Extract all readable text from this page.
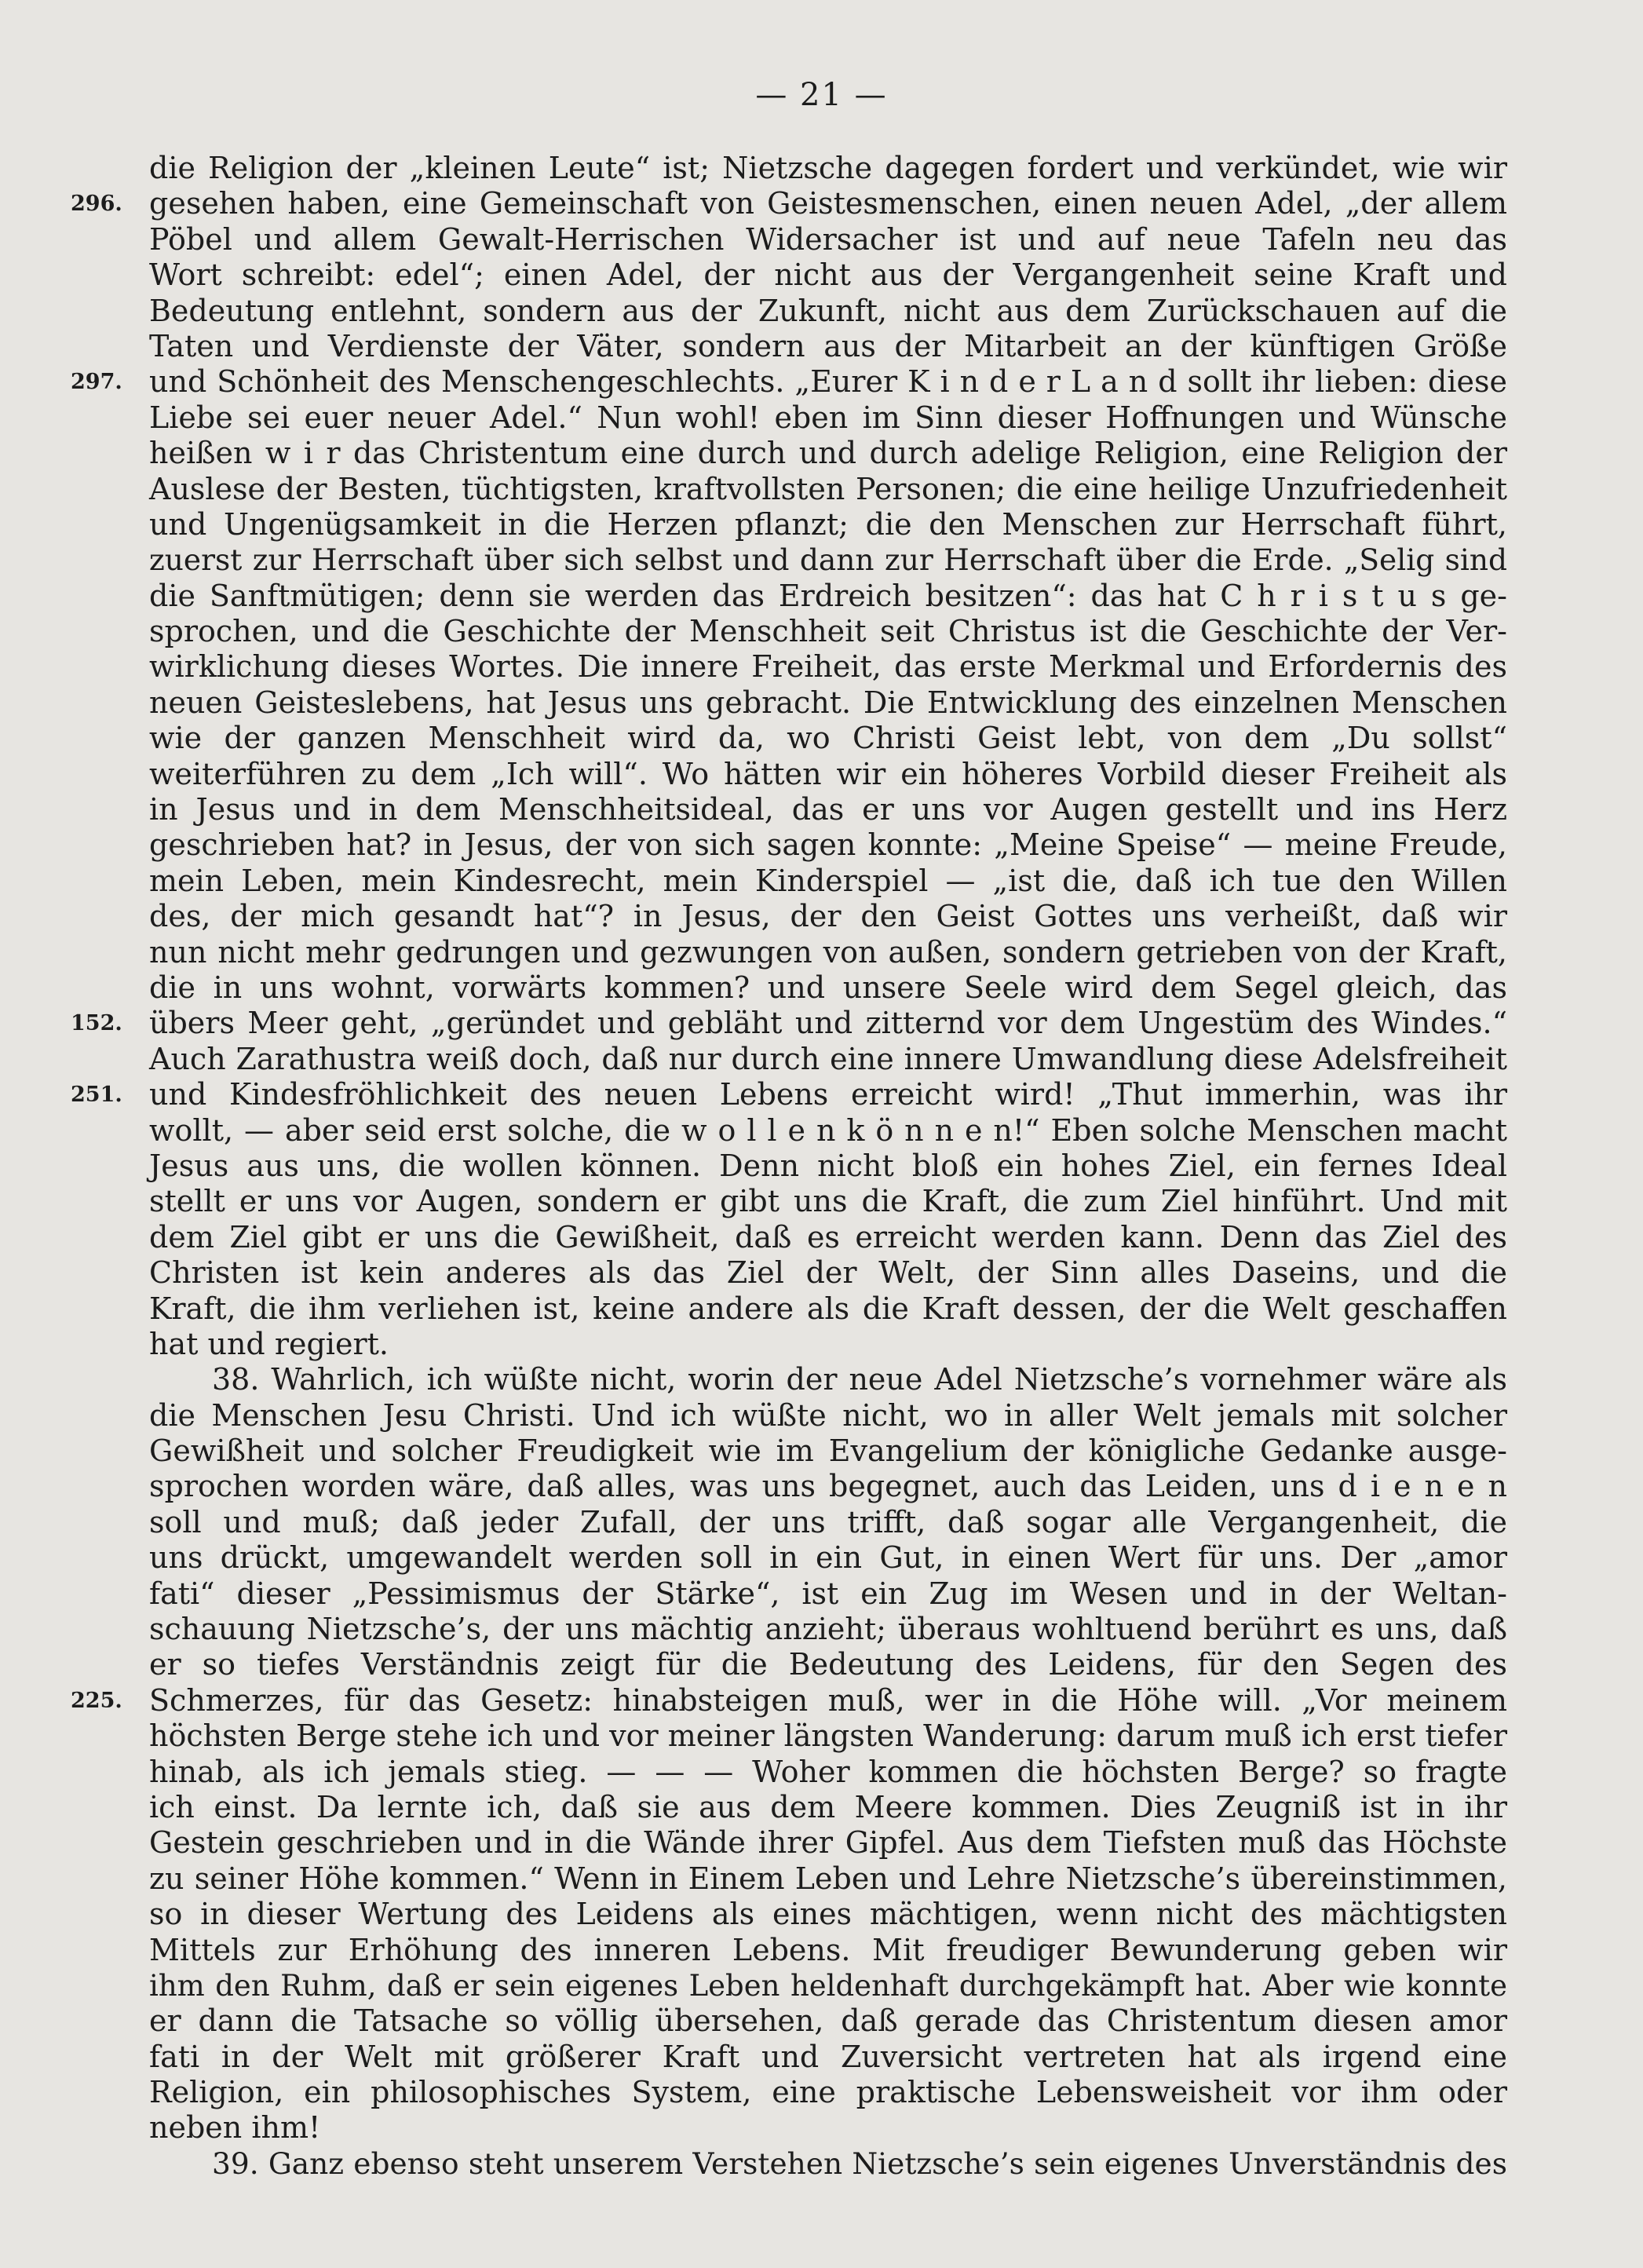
— 21 —
die Religion der „kleinen Leute“ ist; Nietzsche dagegen fordert und verkündet, wie wir
gesehen haben, eine Gemeinschaft von Geistesmenschen, einen neuen Adel, „der allem
296.
Pöbel und allem Gewalt-Herrischen Widersacher ist und auf neue Tafeln neu das
Wort schreibt: edel“; einen Adel, der nicht aus der Vergangenheit seine Kraft und
Bedeutung entlehnt, sondern aus der Zukunft, nicht aus dem Zurückschauen auf die
Taten und Verdienste der Väter, sondern aus der Mitarbeit an der künftigen Größe
und Schönheit des Menschengeschlechts. „Eurer K i n d e r L a n d sollt ihr lieben: diese
297.
Liebe sei euer neuer Adel.“ Nun wohl! eben im Sinn dieser Hoffnungen und Wünsche
heißen w i r das Christentum eine durch und durch adelige Religion, eine Religion der
Auslese der Besten, tüchtigsten, kraftvollsten Personen; die eine heilige Unzufriedenheit
und Ungenügsamkeit in die Herzen pflanzt; die den Menschen zur Herrschaft führt,
zuerst zur Herrschaft über sich selbst und dann zur Herrschaft über die Erde. „Selig sind
die Sanftmütigen; denn sie werden das Erdreich besitzen“: das hat C h r i s t u s ge-
sprochen, und die Geschichte der Menschheit seit Christus ist die Geschichte der Ver-
wirklichung dieses Wortes. Die innere Freiheit, das erste Merkmal und Erfordernis des
neuen Geisteslebens, hat Jesus uns gebracht. Die Entwicklung des einzelnen Menschen
wie der ganzen Menschheit wird da, wo Christi Geist lebt, von dem „Du sollst“
weiterführen zu dem „Ich will“. Wo hätten wir ein höheres Vorbild dieser Freiheit als
in Jesus und in dem Menschheitsideal, das er uns vor Augen gestellt und ins Herz
geschrieben hat? in Jesus, der von sich sagen konnte: „Meine Speise“ — meine Freude,
mein Leben, mein Kindesrecht, mein Kinderspiel — „ist die, daß ich tue den Willen
des, der mich gesandt hat“? in Jesus, der den Geist Gottes uns verheißt, daß wir
nun nicht mehr gedrungen und gezwungen von außen, sondern getrieben von der Kraft,
die in uns wohnt, vorwärts kommen? und unsere Seele wird dem Segel gleich, das
übers Meer geht, „geründet und gebläht und zitternd vor dem Ungestüm des Windes.“
152.
Auch Zarathustra weiß doch, daß nur durch eine innere Umwandlung diese Adelsfreiheit
und Kindesfröhlichkeit des neuen Lebens erreicht wird! „Thut immerhin, was ihr
251.
wollt, — aber seid erst solche, die w o l l e n k ö n n e n!“ Eben solche Menschen macht
Jesus aus uns, die wollen können. Denn nicht bloß ein hohes Ziel, ein fernes Ideal
stellt er uns vor Augen, sondern er gibt uns die Kraft, die zum Ziel hinführt. Und mit
dem Ziel gibt er uns die Gewißheit, daß es erreicht werden kann. Denn das Ziel des
Christen ist kein anderes als das Ziel der Welt, der Sinn alles Daseins, und die
Kraft, die ihm verliehen ist, keine andere als die Kraft dessen, der die Welt geschaffen
hat und regiert.
38. Wahrlich, ich wüßte nicht, worin der neue Adel Nietzsche’s vornehmer wäre als
die Menschen Jesu Christi. Und ich wüßte nicht, wo in aller Welt jemals mit solcher
Gewißheit und solcher Freudigkeit wie im Evangelium der königliche Gedanke ausge-
sprochen worden wäre, daß alles, was uns begegnet, auch das Leiden, uns d i e n e n
soll und muß; daß jeder Zufall, der uns trifft, daß sogar alle Vergangenheit, die
uns drückt, umgewandelt werden soll in ein Gut, in einen Wert für uns. Der „amor
fati“ dieser „Pessimismus der Stärke“, ist ein Zug im Wesen und in der Weltan-
schauung Nietzsche’s, der uns mächtig anzieht; überaus wohltuend berührt es uns, daß
er so tiefes Verständnis zeigt für die Bedeutung des Leidens, für den Segen des
Schmerzes, für das Gesetz: hinabsteigen muß, wer in die Höhe will. „Vor meinem
225.
höchsten Berge stehe ich und vor meiner längsten Wanderung: darum muß ich erst tiefer
hinab, als ich jemals stieg. — — — Woher kommen die höchsten Berge? so fragte
ich einst. Da lernte ich, daß sie aus dem Meere kommen. Dies Zeugniß ist in ihr
Gestein geschrieben und in die Wände ihrer Gipfel. Aus dem Tiefsten muß das Höchste
zu seiner Höhe kommen.“ Wenn in Einem Leben und Lehre Nietzsche’s übereinstimmen,
so in dieser Wertung des Leidens als eines mächtigen, wenn nicht des mächtigsten
Mittels zur Erhöhung des inneren Lebens. Mit freudiger Bewunderung geben wir
ihm den Ruhm, daß er sein eigenes Leben heldenhaft durchgekämpft hat. Aber wie konnte
er dann die Tatsache so völlig übersehen, daß gerade das Christentum diesen amor
fati in der Welt mit größerer Kraft und Zuversicht vertreten hat als irgend eine
Religion, ein philosophisches System, eine praktische Lebensweisheit vor ihm oder
neben ihm!
39. Ganz ebenso steht unserem Verstehen Nietzsche’s sein eigenes Unverständnis des
